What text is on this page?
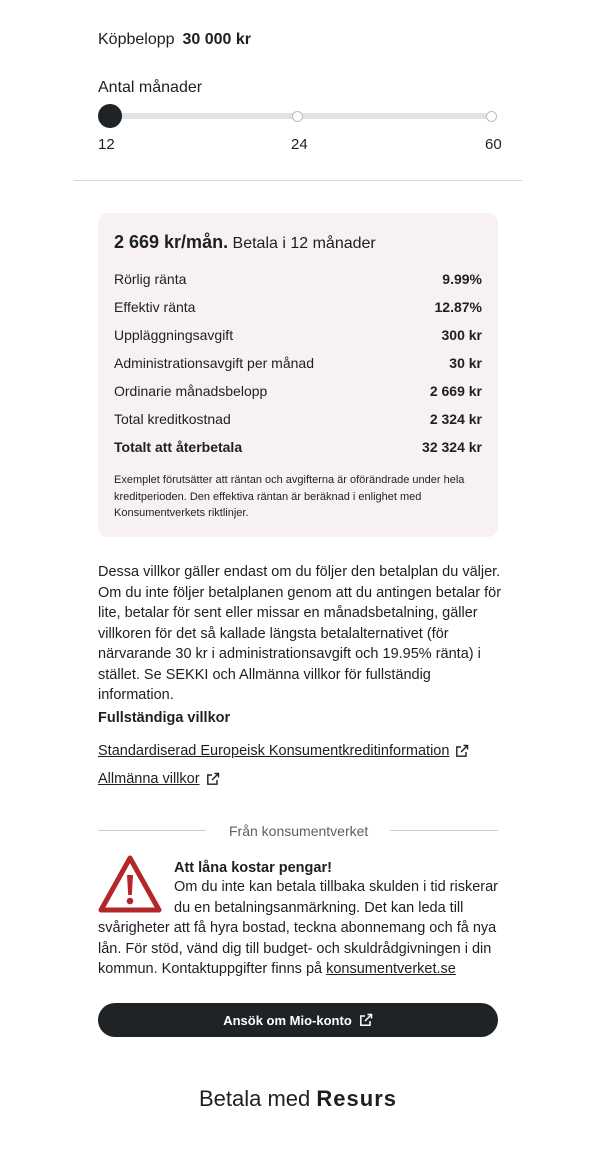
Köpbelopp 30 000 kr
Antal månader
12	24	60
2 669 kr/mån. Betala i 12 månader
Rörlig ränta	9.99%
Effektiv ränta	12.87%
Uppläggningsavgift	300 kr
Administrationsavgift per månad	30 kr
Ordinarie månadsbelopp	2 669 kr
Total kreditkostnad	2 324 kr
Totalt att återbetala	32 324 kr
Exemplet förutsätter att räntan och avgifterna är oförändrade under hela kreditperioden. Den effektiva räntan är beräknad i enlighet med Konsumentverkets riktlinjer.
Dessa villkor gäller endast om du följer den betalplan du väljer. Om du inte följer betalplanen genom att du antingen betalar för lite, betalar för sent eller missar en månadsbetalning, gäller villkoren för det så kallade längsta betalalternativet (för närvarande 30 kr i administrationsavgift och 19.95% ränta) i stället. Se SEKKI och Allmänna villkor för fullständig information.
Fullständiga villkor
Standardiserad Europeisk Konsumentkreditinformation
Allmänna villkor
Från konsumentverket
Att låna kostar pengar!
Om du inte kan betala tillbaka skulden i tid riskerar
du en betalningsanmärkning. Det kan leda till
svårigheter att få hyra bostad, teckna abonnemang och få nya
lån. För stöd, vänd dig till budget- och skuldrådgivningen i din
kommun. Kontaktuppgifter finns på konsumentverket.se
Ansök om Mio-konto
Betala med Resurs
